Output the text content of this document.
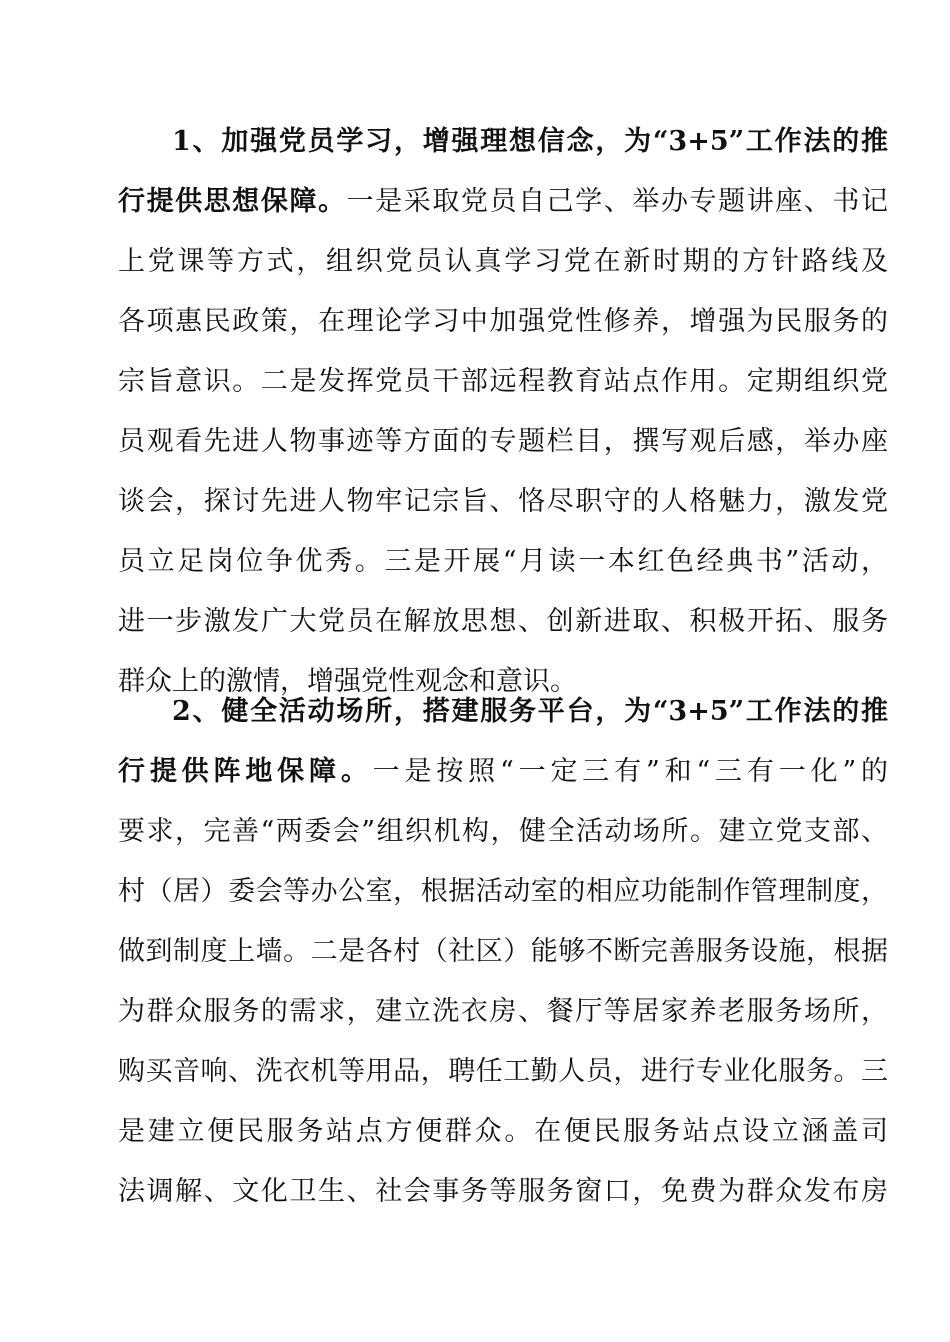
1、加强党员学习，增强理想信念，为“3+5”工作法的推
行提供思想保障。一是采取党员自己学、举办专题讲座、书记
上党课等方式，组织党员认真学习党在新时期的方针路线及
各项惠民政策，在理论学习中加强党性修养，增强为民服务的
宗旨意识。二是发挥党员干部远程教育站点作用。定期组织党
员观看先进人物事迹等方面的专题栏目，撰写观后感，举办座
谈会，探讨先进人物牢记宗旨、恪尽职守的人格魅力，激发党
员立足岗位争优秀。三是开展“月读一本红色经典书”活动，
进一步激发广大党员在解放思想、创新进取、积极开拓、服务
群众上的激情，增强党性观念和意识。
2、健全活动场所，搭建服务平台，为“3+5”工作法的推
行提供阵地保障。一是按照“一定三有”和“三有一化”的
要求，完善“两委会”组织机构，健全活动场所。建立党支部、
村（居）委会等办公室，根据活动室的相应功能制作管理制度，
做到制度上墙。二是各村（社区）能够不断完善服务设施，根据
为群众服务的需求，建立洗衣房、餐厅等居家养老服务场所，
购买音响、洗衣机等用品，聘任工勤人员，进行专业化服务。三
是建立便民服务站点方便群众。在便民服务站点设立涵盖司
法调解、文化卫生、社会事务等服务窗口，免费为群众发布房
